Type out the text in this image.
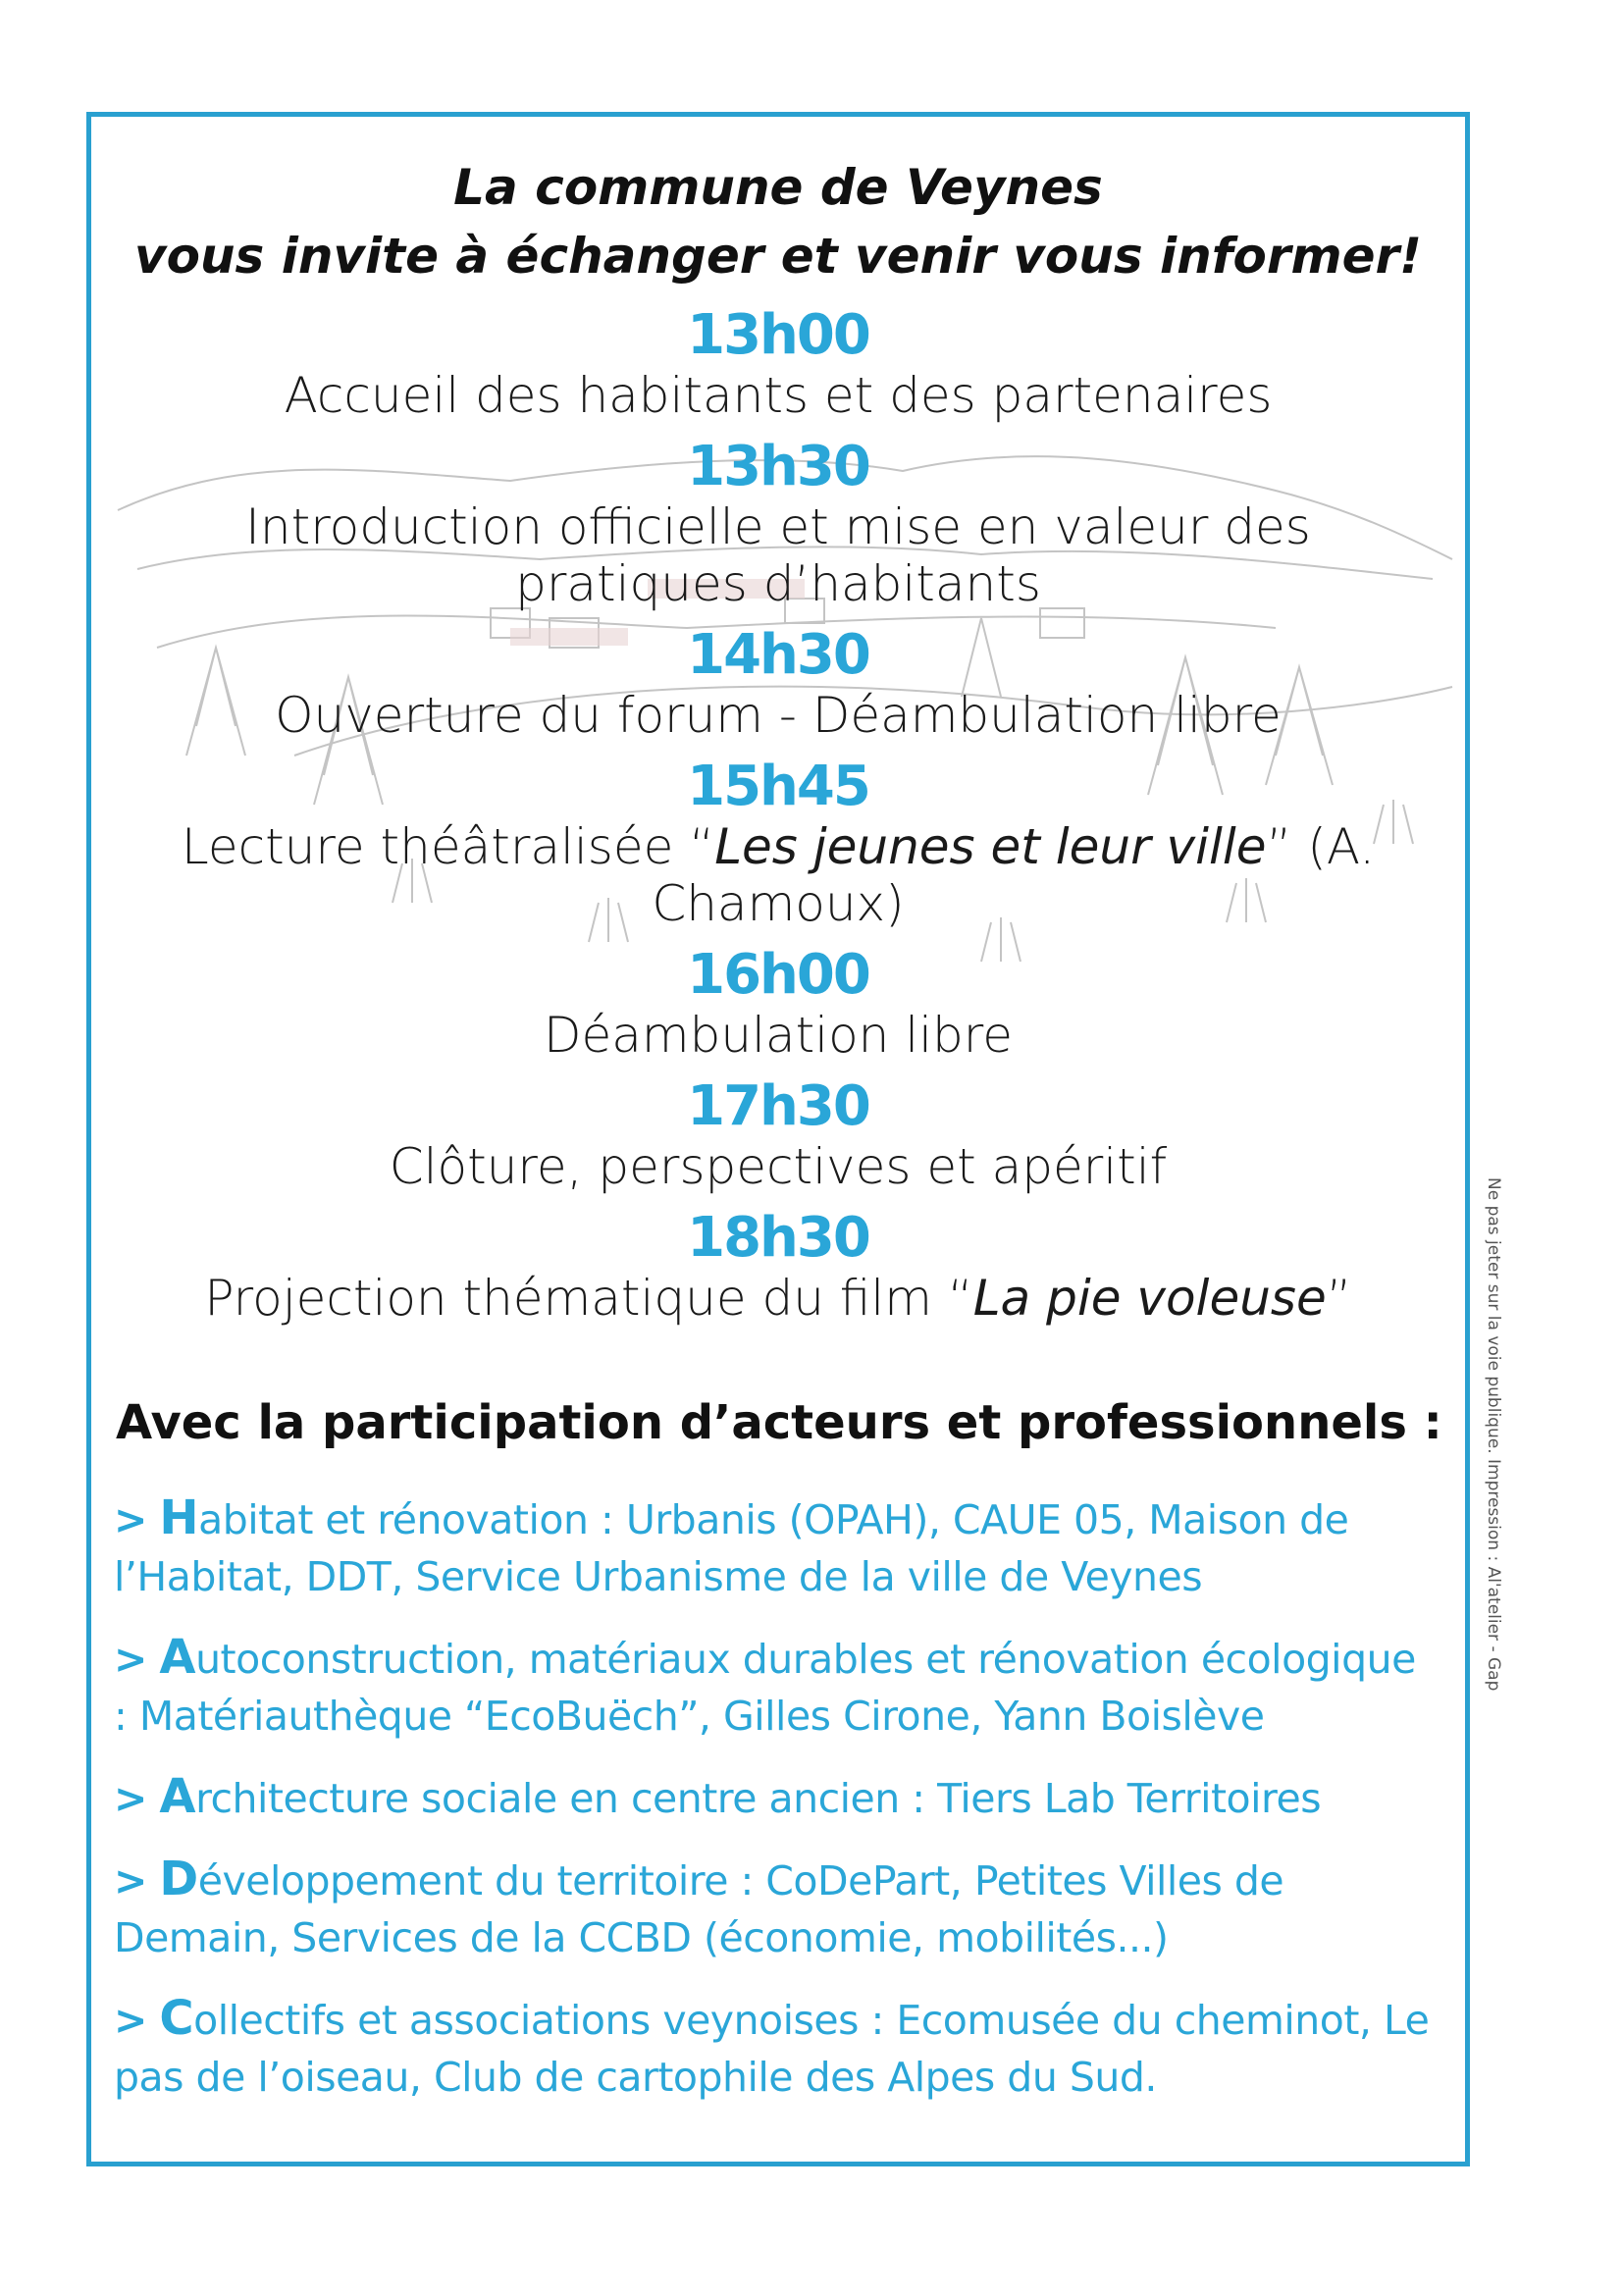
La commune de Veynes
vous invite à échanger et venir vous informer!
13h00
Accueil des habitants et des partenaires
13h30
Introduction officielle et mise en valeur des pratiques d’habitants
14h30
Ouverture du forum - Déambulation libre
15h45
Lecture théâtralisée “Les jeunes et leur ville” (A. Chamoux)
16h00
Déambulation libre
17h30
Clôture, perspectives et apéritif
18h30
Projection thématique du film “La pie voleuse”
Avec la participation d’acteurs et professionnels :
> Habitat et rénovation : Urbanis (OPAH), CAUE 05, Maison de l’Habitat, DDT, Service Urbanisme de la ville de Veynes
> Autoconstruction, matériaux durables et rénovation écologique : Matériauthèque “EcoBuëch”, Gilles Cirone, Yann Boislève
> Architecture sociale en centre ancien : Tiers Lab Territoires
> Développement du territoire : CoDePart, Petites Villes de Demain, Services de la CCBD (économie, mobilités...)
> Collectifs et associations veynoises : Ecomusée du cheminot, Le pas de l’oiseau, Club de cartophile des Alpes du Sud.
Ne pas jeter sur la voie publique. Impression : Al'atelier - Gap
